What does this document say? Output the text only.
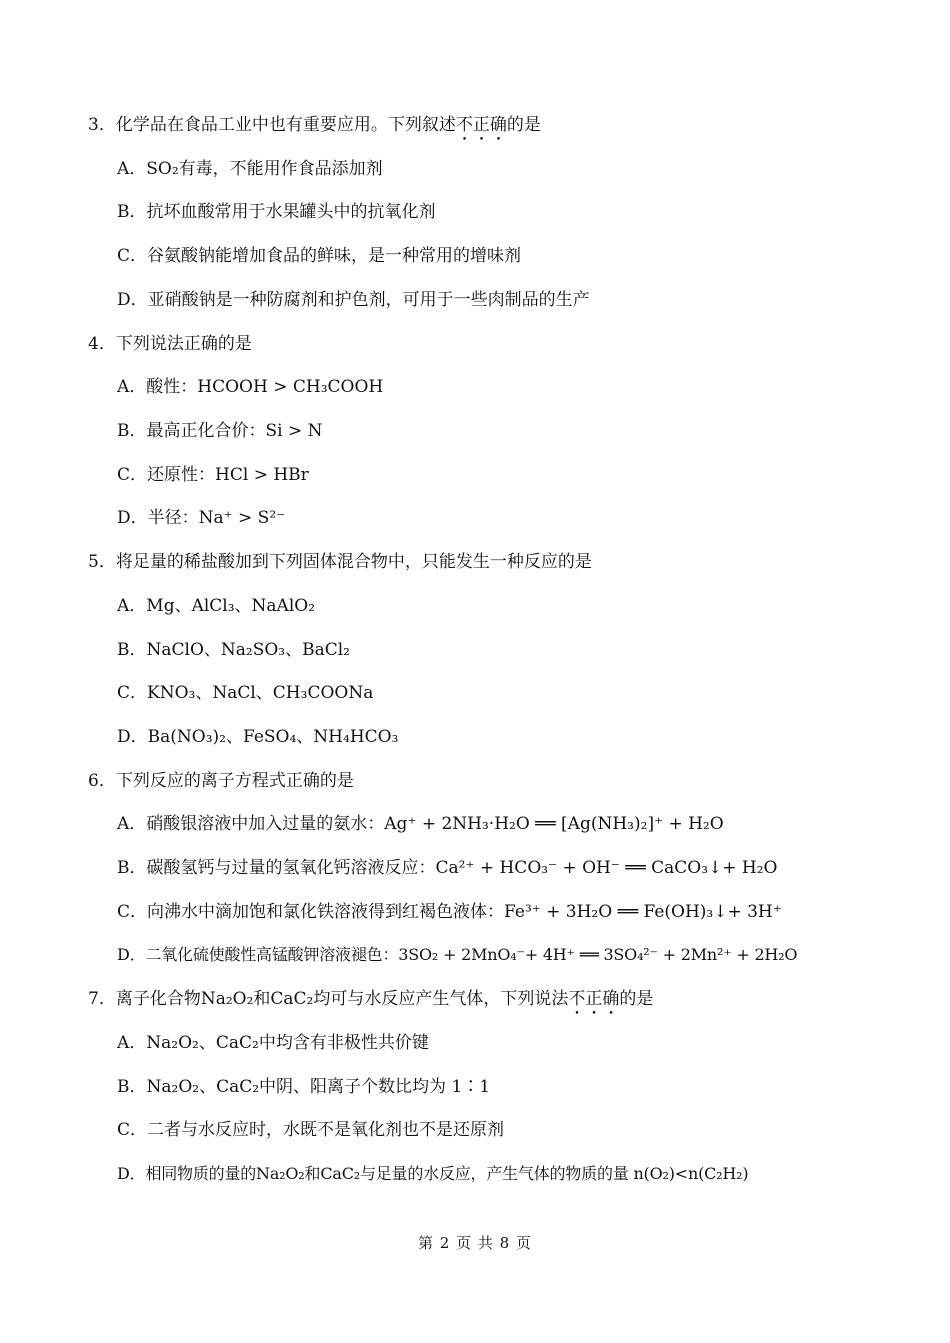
3．化学品在食品工业中也有重要应用。下列叙述不正确的是
A．SO₂有毒，不能用作食品添加剂
B．抗坏血酸常用于水果罐头中的抗氧化剂
C．谷氨酸钠能增加食品的鲜味，是一种常用的增味剂
D．亚硝酸钠是一种防腐剂和护色剂，可用于一些肉制品的生产
4．下列说法正确的是
A．酸性：HCOOH > CH₃COOH
B．最高正化合价：Si > N
C．还原性：HCl > HBr
D．半径：Na⁺ > S²⁻
5．将足量的稀盐酸加到下列固体混合物中，只能发生一种反应的是
A．Mg、AlCl₃、NaAlO₂
B．NaClO、Na₂SO₃、BaCl₂
C．KNO₃、NaCl、CH₃COONa
D．Ba(NO₃)₂、FeSO₄、NH₄HCO₃
6．下列反应的离子方程式正确的是
A．硝酸银溶液中加入过量的氨水：Ag⁺ + 2NH₃·H₂O ══ [Ag(NH₃)₂]⁺ + H₂O
B．碳酸氢钙与过量的氢氧化钙溶液反应：Ca²⁺ + HCO₃⁻ + OH⁻ ══ CaCO₃↓+ H₂O
C．向沸水中滴加饱和氯化铁溶液得到红褐色液体：Fe³⁺ + 3H₂O ══ Fe(OH)₃↓+ 3H⁺
D．二氧化硫使酸性高锰酸钾溶液褪色：3SO₂ + 2MnO₄⁻+ 4H⁺ ══ 3SO₄²⁻ + 2Mn²⁺ + 2H₂O
7．离子化合物Na₂O₂和CaC₂均可与水反应产生气体，下列说法不正确的是
A．Na₂O₂、CaC₂中均含有非极性共价键
B．Na₂O₂、CaC₂中阴、阳离子个数比均为 1∶1
C．二者与水反应时，水既不是氧化剂也不是还原剂
D．相同物质的量的Na₂O₂和CaC₂与足量的水反应，产生气体的物质的量 n(O₂)<n(C₂H₂)
第 2 页 共 8 页
